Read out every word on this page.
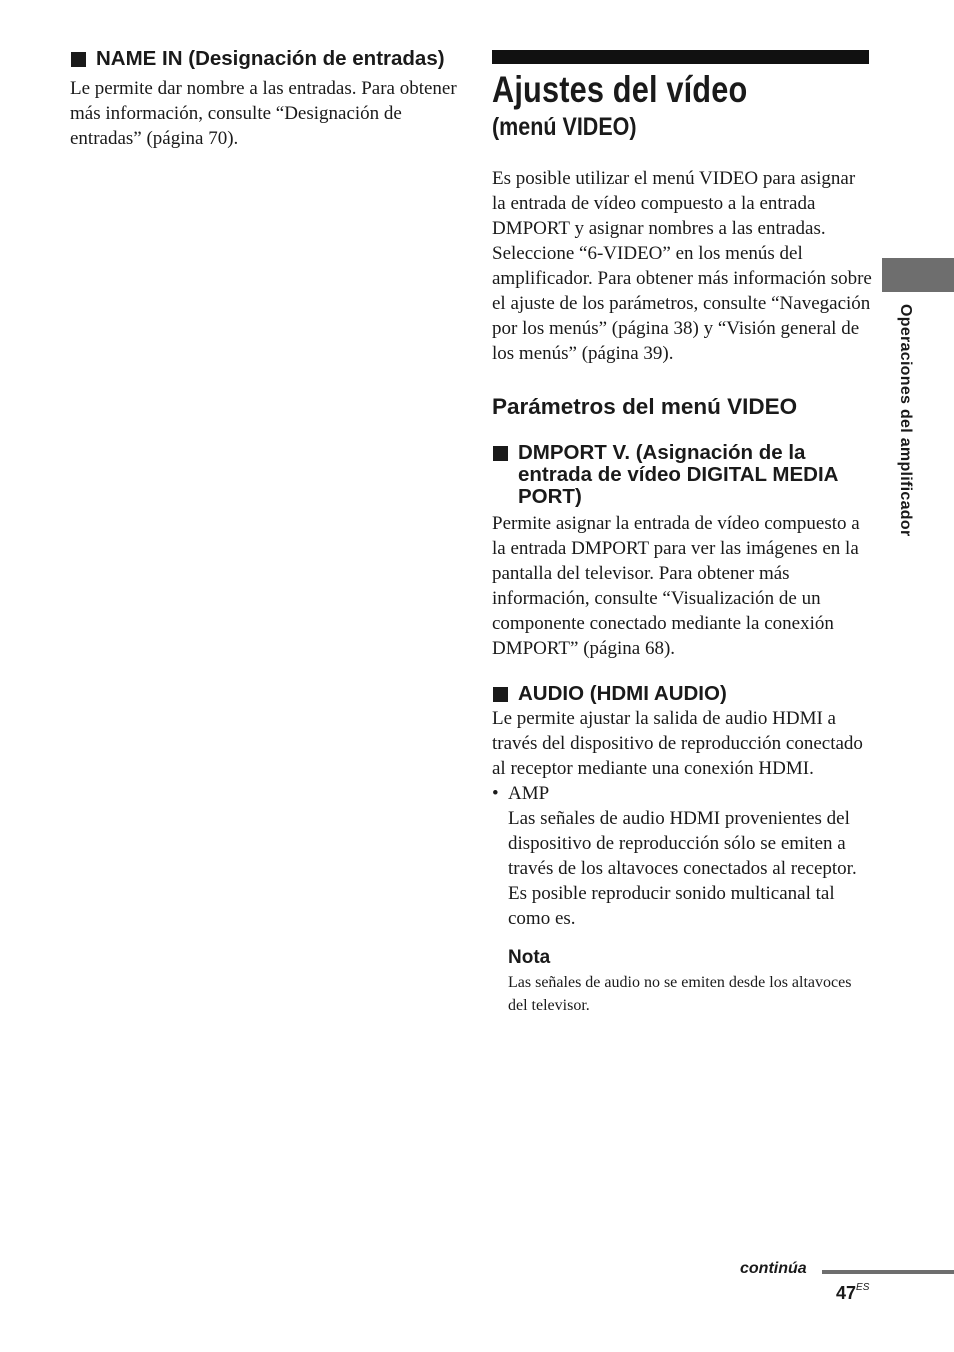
NAME IN (Designación de entradas)

Le permite dar nombre a las entradas. Para obtener más información, consulte “Designación de entradas” (página 70).

Ajustes del vídeo
(menú VIDEO)

Es posible utilizar el menú VIDEO para asignar la entrada de vídeo compuesto a la entrada DMPORT y asignar nombres a las entradas.

Seleccione “6-VIDEO” en los menús del amplificador. Para obtener más información sobre el ajuste de los parámetros, consulte “Navegación por los menús” (página 38) y “Visión general de los menús” (página 39).

Parámetros del menú VIDEO
DMPORT V. (Asignación de la entrada de vídeo DIGITAL MEDIA PORT)

Permite asignar la entrada de vídeo compuesto a la entrada DMPORT para ver las imágenes en la pantalla del televisor. Para obtener más información, consulte “Visualización de un componente conectado mediante la conexión DMPORT” (página 68).

AUDIO (HDMI AUDIO)

Le permite ajustar la salida de audio HDMI a través del dispositivo de reproducción conectado al receptor mediante una conexión HDMI.

• AMP
Las señales de audio HDMI provenientes del dispositivo de reproducción sólo se emiten a través de los altavoces conectados al receptor. Es posible reproducir sonido multicanal tal como es.
Nota
Las señales de audio no se emiten desde los altavoces del televisor.
Operaciones del amplificador
continúa
$47^{ES}$
